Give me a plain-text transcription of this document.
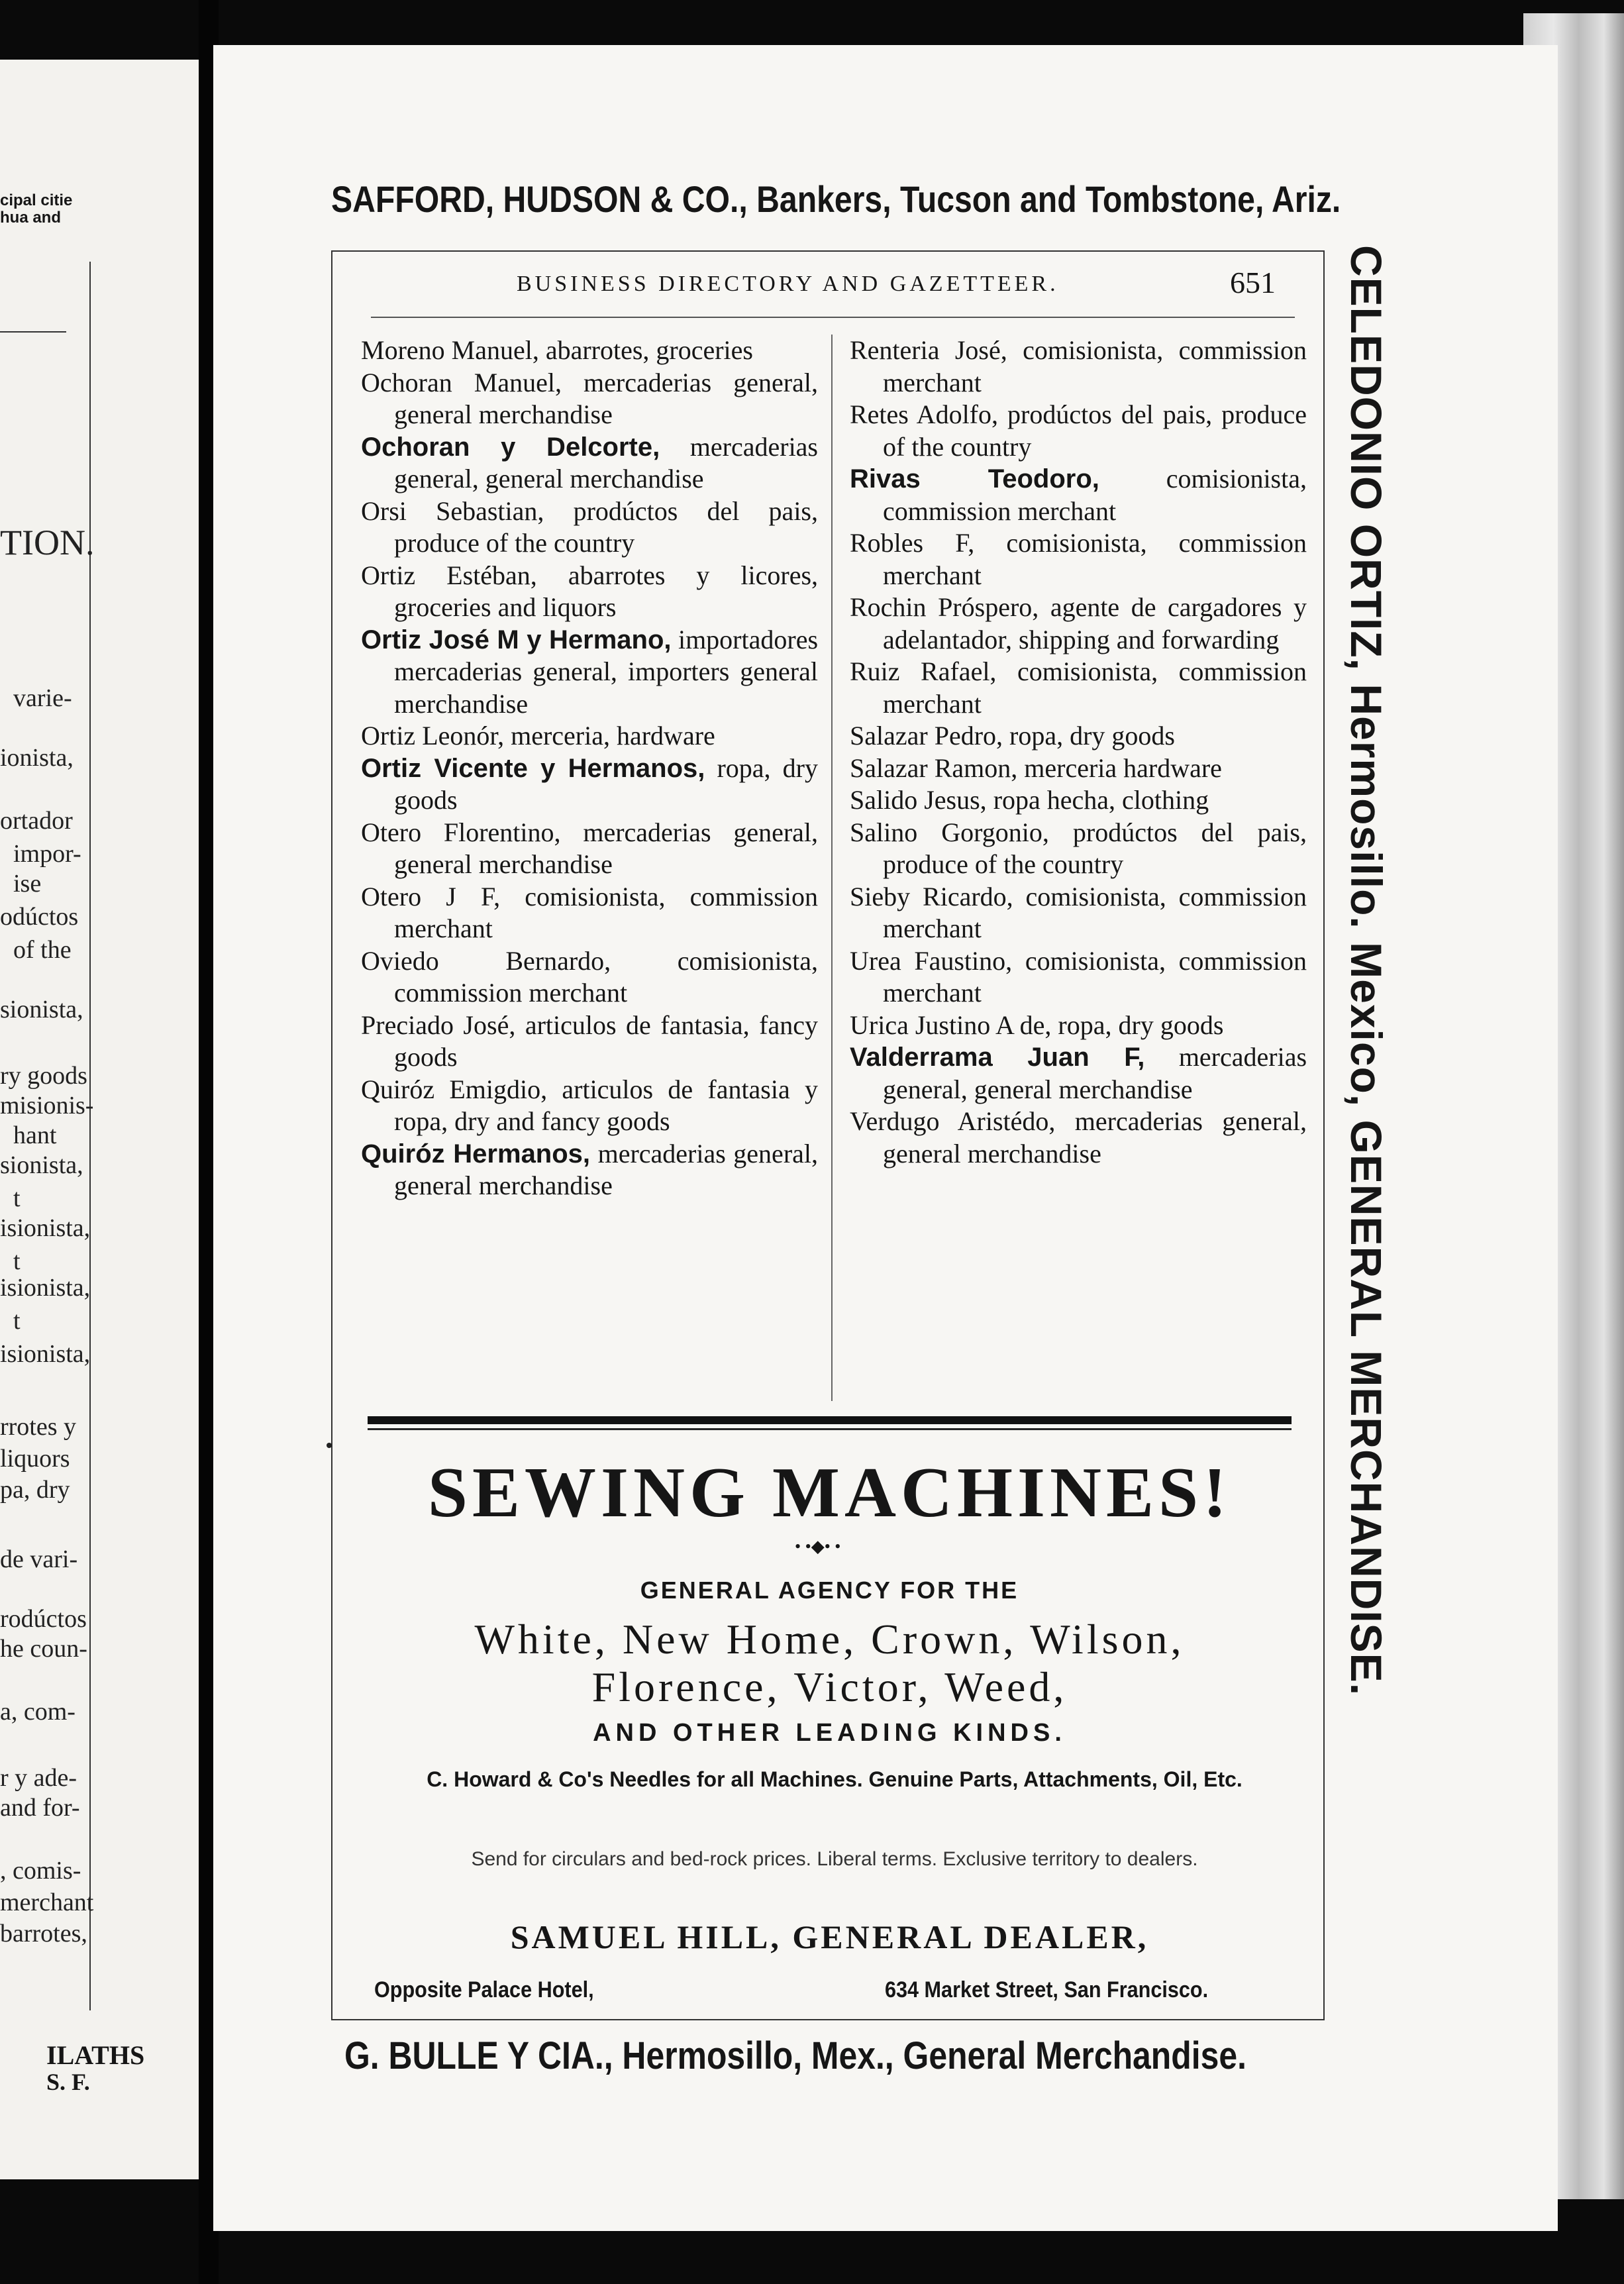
cipal citie
hua and
TION.
varie-
ionista,
ortador
impor-
ise
odúctos
of the
sionista,
ry goods
misionis-
hant
sionista,
t
isionista,
t
isionista,
t
isionista,
rrotes y
liquors
pa, dry
de vari-
rodúctos
he coun-
a, com-
r y ade-
and for-
, comis-
merchant
barrotes,
ILATHS
S. F.
SAFFORD, HUDSON & CO., Bankers, Tucson and Tombstone, Ariz.
BUSINESS DIRECTORY AND GAZETTEER.	651
Moreno Manuel, abarrotes, groceries
Ochoran Manuel, mercaderias general, general merchandise
Ochoran y Delcorte, mercaderias general, general merchandise
Orsi Sebastian, prodúctos del pais, produce of the country
Ortiz Estéban, abarrotes y licores, groceries and liquors
Ortiz José M y Hermano, importadores mercaderias general, importers general merchandise
Ortiz Leonór, merceria, hardware
Ortiz Vicente y Hermanos, ropa, dry goods
Otero Florentino, mercaderias general, general merchandise
Otero J F, comisionista, commission merchant
Oviedo Bernardo,	comisionista, commission merchant
Preciado José, articulos de fantasia, fancy goods
Quiróz Emigdio, articulos de fantasia y ropa, dry and fancy goods
Quiróz Hermanos, mercaderias general, general merchandise
Renteria José, comisionista, commission merchant
Retes Adolfo, prodúctos del pais, produce of the country
Rivas Teodoro,	comisionista, commission merchant
Robles F, comisionista, commission merchant
Rochin Próspero, agente de cargadores y adelantador, shipping and forwarding
Ruiz Rafael, comisionista, commission merchant
Salazar Pedro, ropa, dry goods
Salazar Ramon, merceria hardware
Salido Jesus, ropa hecha, clothing
Salino Gorgonio, prodúctos del pais, produce of the country
Sieby Ricardo, comisionista, commission merchant
Urea Faustino, comisionista, commission merchant
Urica Justino A de, ropa, dry goods
Valderrama Juan F, mercaderias general, general merchandise
Verdugo Aristédo, mercaderias general, general merchandise
SEWING MACHINES!
• •◆• •
GENERAL AGENCY FOR THE
White, New Home, Crown, Wilson,
Florence, Victor, Weed,
AND OTHER LEADING KINDS.
C. Howard & Co's Needles for all Machines. Genuine Parts, Attachments, Oil, Etc.
Send for circulars and bed-rock prices. Liberal terms. Exclusive territory to dealers.
SAMUEL HILL, GENERAL DEALER,
Opposite Palace Hotel,	634 Market Street, San Francisco.
CELEDONIO ORTIZ, Hermosillo. Mexico, GENERAL MERCHANDISE.
G. BULLE Y CIA., Hermosillo, Mex., General Merchandise.
